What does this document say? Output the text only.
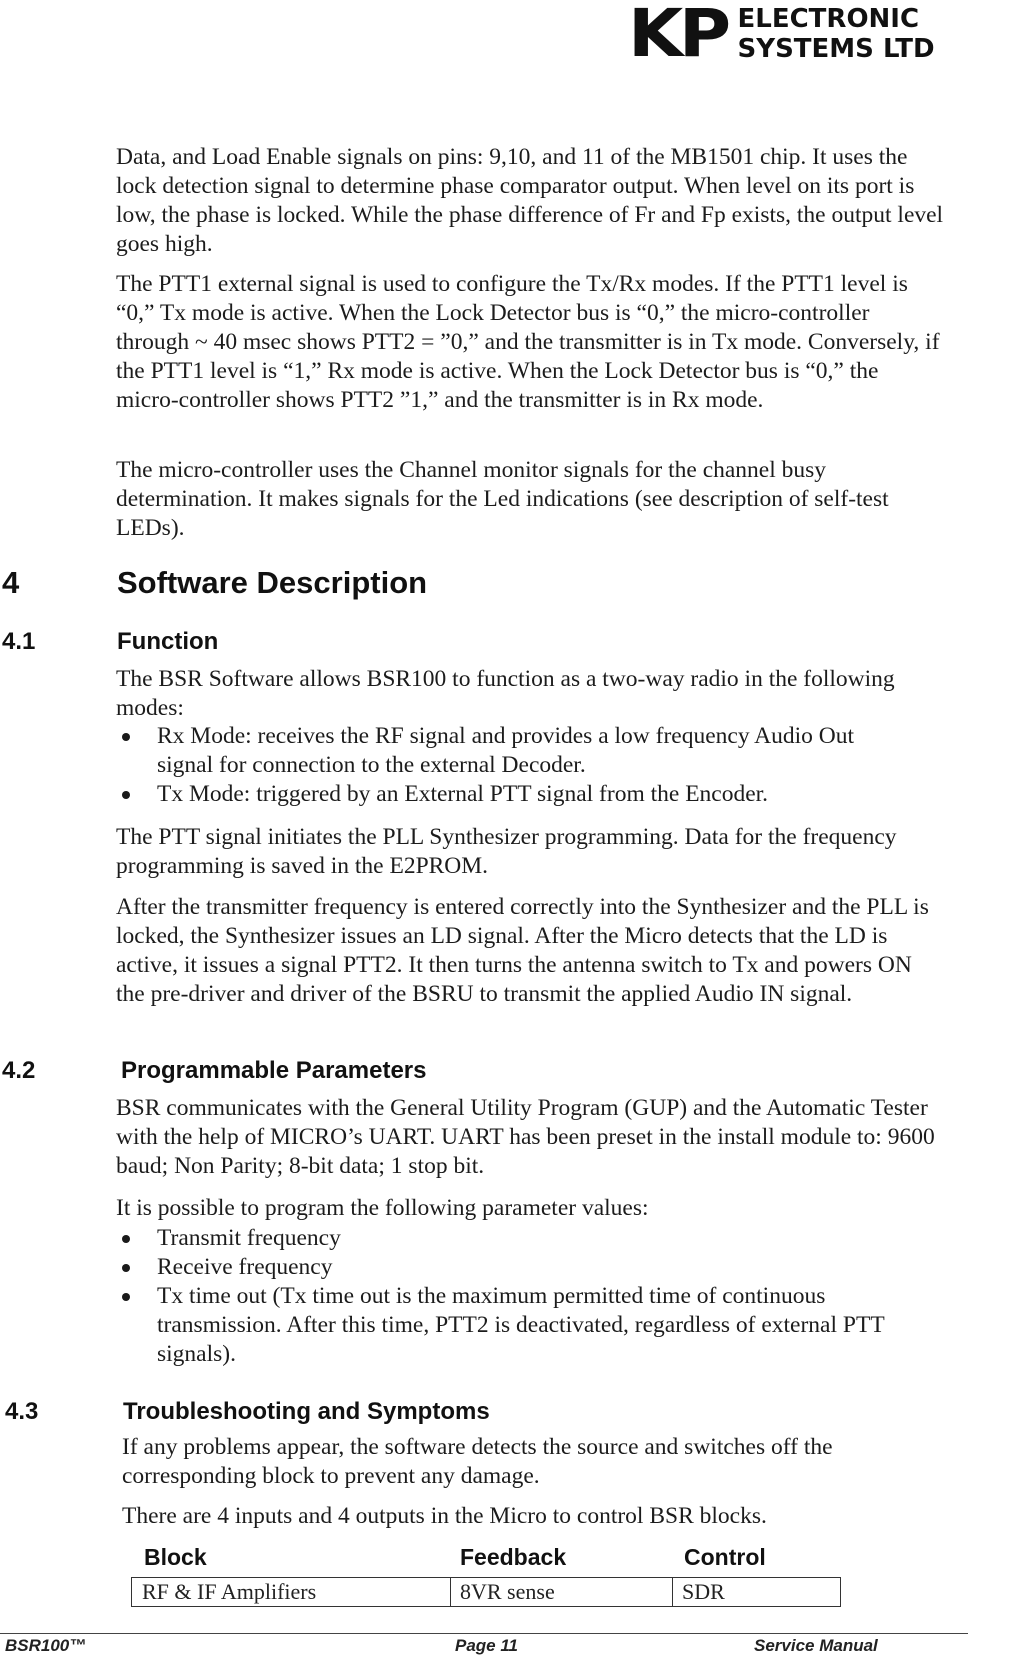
KP ELECTRONIC
SYSTEMS LTD

Data, and Load Enable signals on pins: 9,10, and 11 of the MB1501 chip. It uses the lock detection signal to determine phase comparator output. When level on its port is low, the phase is locked. While the phase difference of Fr and Fp exists, the output level goes high.

The PTT1 external signal is used to configure the Tx/Rx modes. If the PTT1 level is “0,” Tx mode is active. When the Lock Detector bus is “0,” the micro-controller through ~ 40 msec shows PTT2 = ”0,” and the transmitter is in Tx mode. Conversely, if the PTT1 level is “1,” Rx mode is active. When the Lock Detector bus is “0,” the micro-controller shows PTT2 ”1,” and the transmitter is in Rx mode.

The micro-controller uses the Channel monitor signals for the channel busy determination. It makes signals for the Led indications (see description of self-test LEDs).

4	Software Description
4.1	Function

The BSR Software allows BSR100 to function as a two-way radio in the following modes:

Rx Mode: receives the RF signal and provides a low frequency Audio Out signal for connection to the external Decoder.
Tx Mode: triggered by an External PTT signal from the Encoder.

The PTT signal initiates the PLL Synthesizer programming. Data for the frequency programming is saved in the E2PROM.

After the transmitter frequency is entered correctly into the Synthesizer and the PLL is locked, the Synthesizer issues an LD signal. After the Micro detects that the LD is active, it issues a signal PTT2. It then turns the antenna switch to Tx and powers ON the pre-driver and driver of the BSRU to transmit the applied Audio IN signal.

4.2	Programmable Parameters

BSR communicates with the General Utility Program (GUP) and the Automatic Tester with the help of MICRO’s UART. UART has been preset in the install module to: 9600 baud; Non Parity; 8-bit data; 1 stop bit.

It is possible to program the following parameter values:

Transmit frequency
Receive frequency
Tx time out (Tx time out is the maximum permitted time of continuous transmission. After this time, PTT2 is deactivated, regardless of external PTT signals).
4.3	Troubleshooting and Symptoms

If any problems appear, the software detects the source and switches off the corresponding block to prevent any damage.

There are 4 inputs and 4 outputs in the Micro to control BSR blocks.

Block	Feedback	Control
RF & IF Amplifiers	8VR sense	SDR
BSR100™	Page 11	Service Manual
